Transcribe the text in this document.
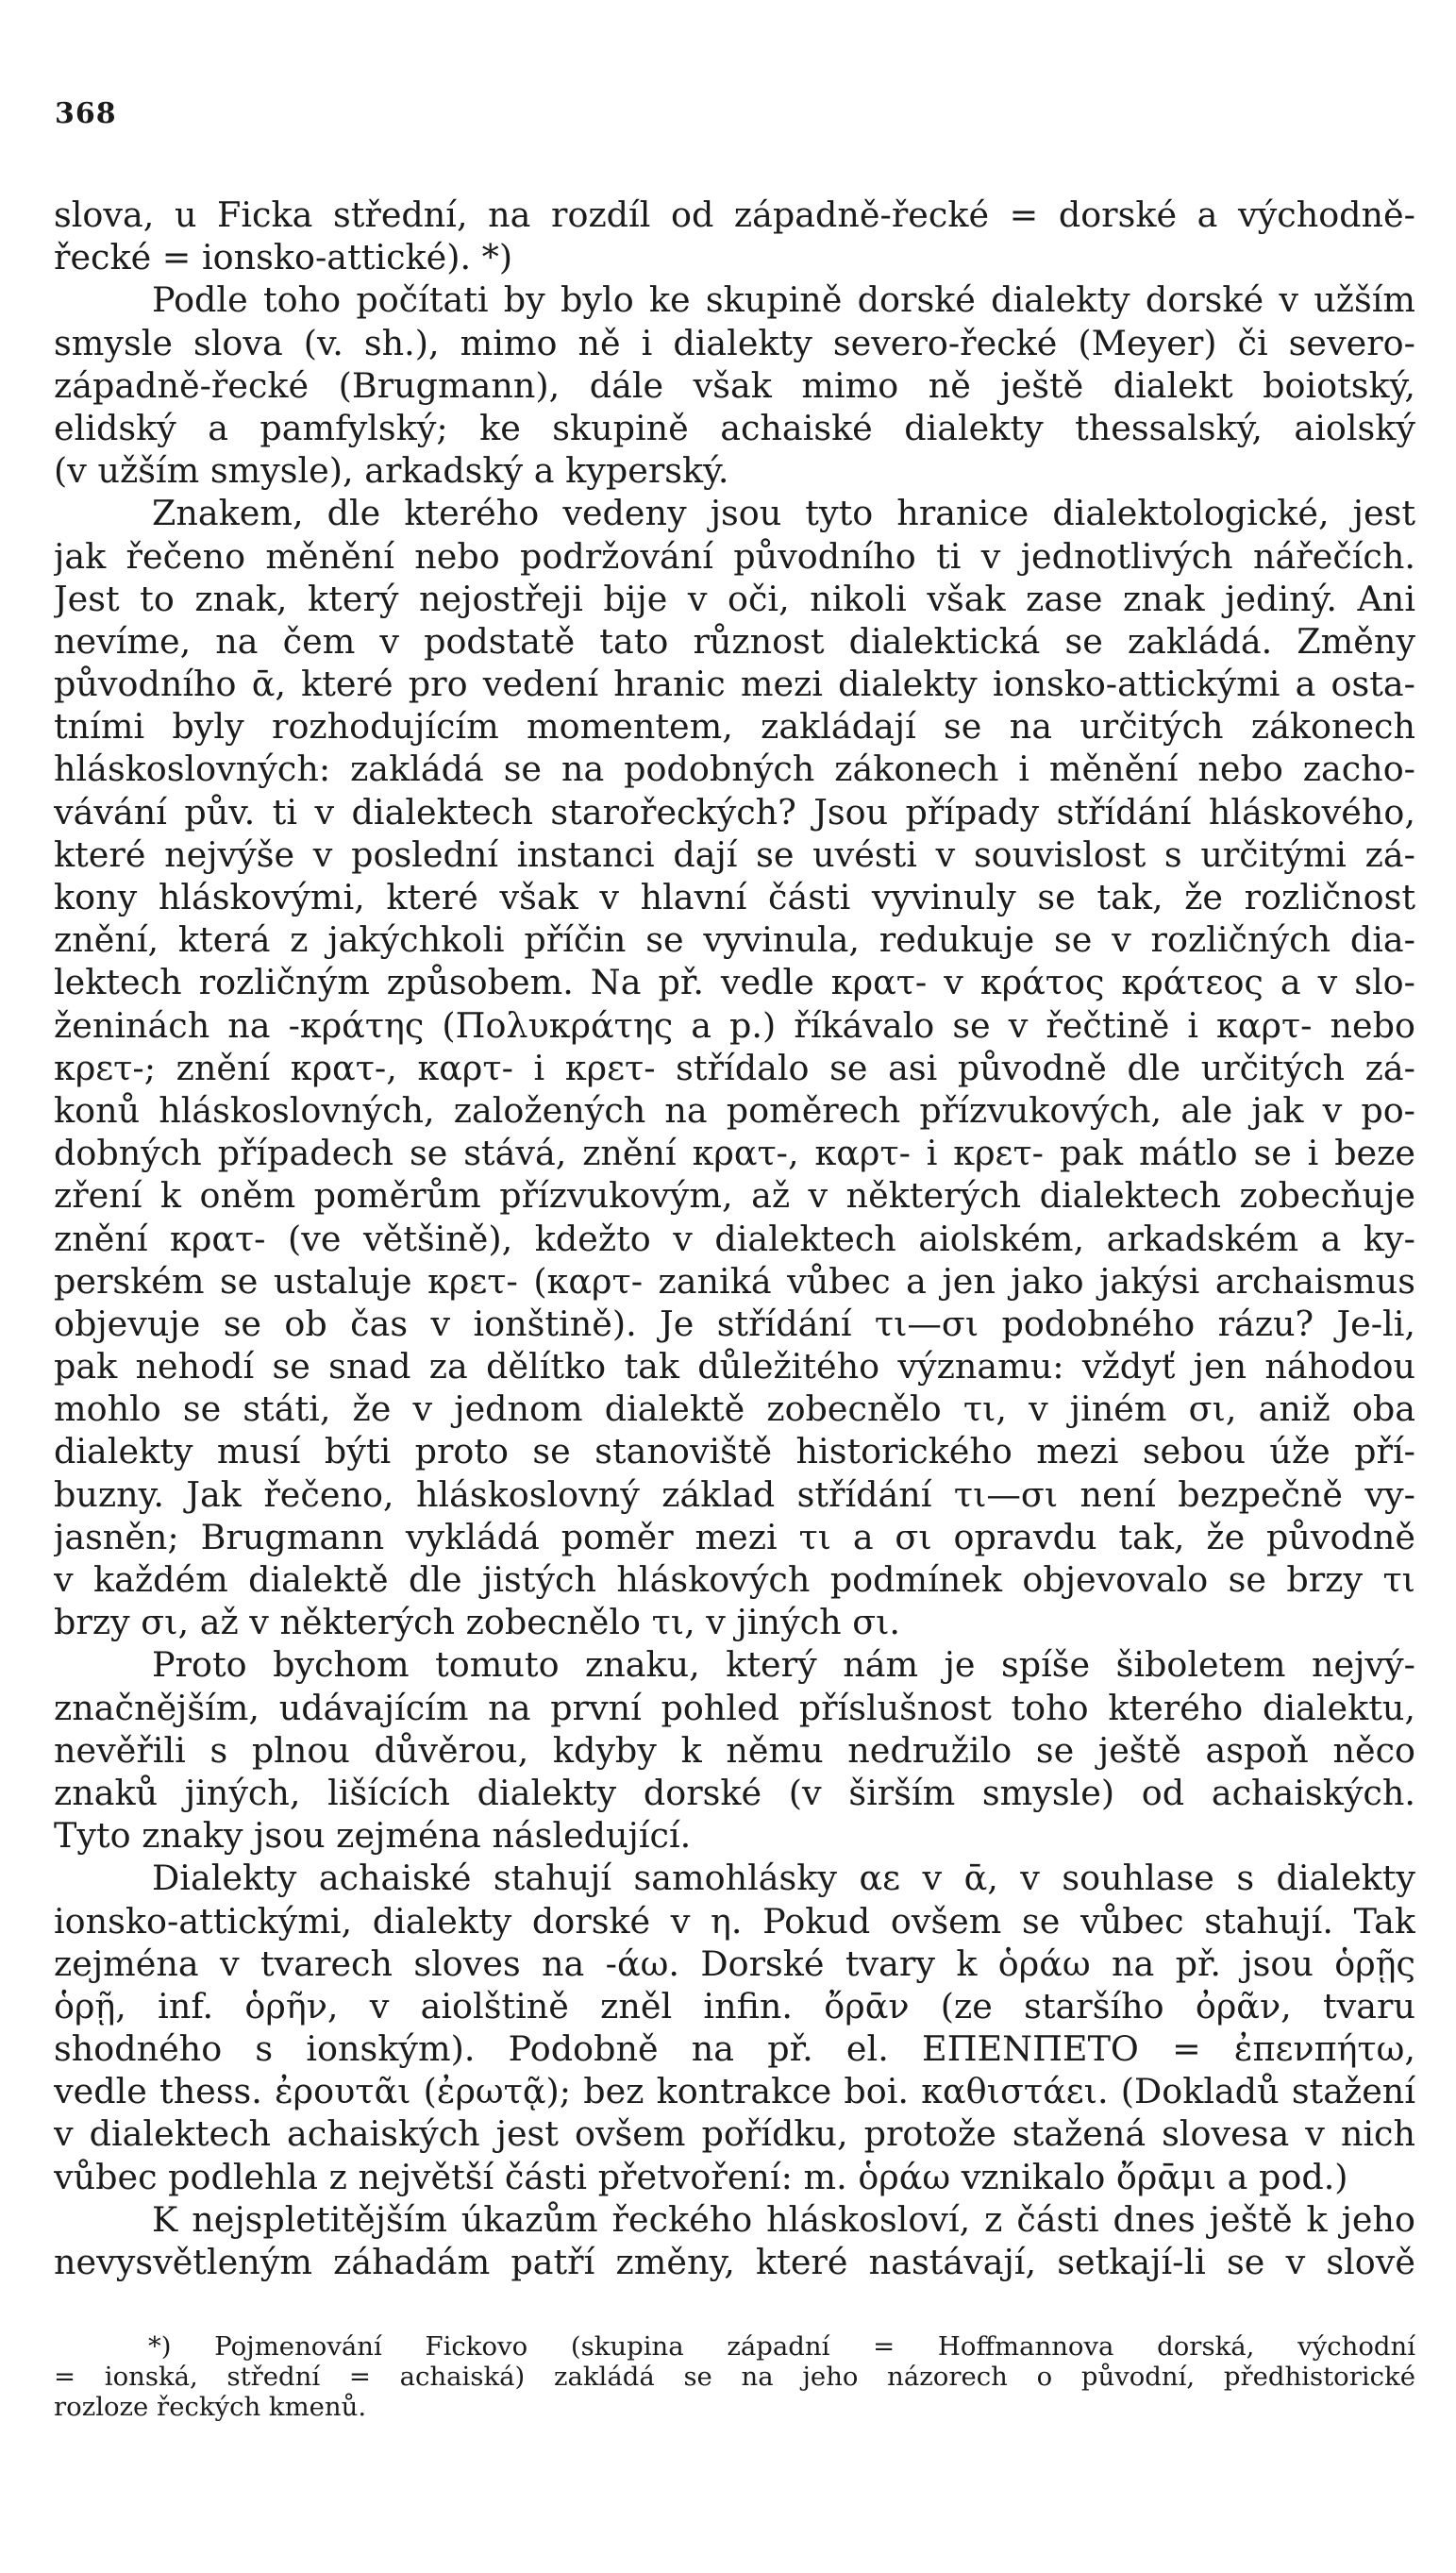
368
slova, u Ficka střední, na rozdíl od západně-řecké = dorské a východně-
řecké = ionsko-attické). *)
Podle toho počítati by bylo ke skupině dorské dialekty dorské v užším
smysle slova (v. sh.), mimo ně i dialekty severo-řecké (Meyer) či severo-
západně-řecké (Brugmann), dále však mimo ně ještě dialekt boiotský,
elidský a pamfylský; ke skupině achaiské dialekty thessalský, aiolský
(v užším smysle), arkadský a kyperský.
Znakem, dle kterého vedeny jsou tyto hranice dialektologické, jest
jak řečeno měnění nebo podržování původního ti v jednotlivých nářečích.
Jest to znak, který nejostřeji bije v oči, nikoli však zase znak jediný. Ani
nevíme, na čem v podstatě tato různost dialektická se zakládá. Změny
původního ᾱ, které pro vedení hranic mezi dialekty ionsko-attickými a osta-
tními byly rozhodujícím momentem, zakládají se na určitých zákonech
hláskoslovných: zakládá se na podobných zákonech i měnění nebo zacho-
vávání pův. ti v dialektech starořeckých? Jsou případy střídání hláskového,
které nejvýše v poslední instanci dají se uvésti v souvislost s určitými zá-
kony hláskovými, které však v hlavní části vyvinuly se tak, že rozličnost
znění, která z jakýchkoli příčin se vyvinula, redukuje se v rozličných dia-
lektech rozličným způsobem. Na př. vedle κρατ- v κράτος κράτεος a v slo-
ženinách na -κράτης (Πολυκράτης a p.) říkávalo se v řečtině i καρτ- nebo
κρετ-; znění κρατ-, καρτ- i κρετ- střídalo se asi původně dle určitých zá-
konů hláskoslovných, založených na poměrech přízvukových, ale jak v po-
dobných případech se stává, znění κρατ-, καρτ- i κρετ- pak mátlo se i beze
zření k oněm poměrům přízvukovým, až v některých dialektech zobecňuje
znění κρατ- (ve většině), kdežto v dialektech aiolském, arkadském a ky-
perském se ustaluje κρετ- (καρτ- zaniká vůbec a jen jako jakýsi archaismus
objevuje se ob čas v ionštině). Je střídání τι—σι podobného rázu? Je-li,
pak nehodí se snad za dělítko tak důležitého významu: vždyť jen náhodou
mohlo se státi, že v jednom dialektě zobecnělo τι, v jiném σι, aniž oba
dialekty musí býti proto se stanoviště historického mezi sebou úže pří-
buzny. Jak řečeno, hláskoslovný základ střídání τι—σι není bezpečně vy-
jasněn; Brugmann vykládá poměr mezi τι a σι opravdu tak, že původně
v každém dialektě dle jistých hláskových podmínek objevovalo se brzy τι
brzy σι, až v některých zobecnělo τι, v jiných σι.
Proto bychom tomuto znaku, který nám je spíše šiboletem nejvý-
značnějším, udávajícím na první pohled příslušnost toho kterého dialektu,
nevěřili s plnou důvěrou, kdyby k němu nedružilo se ještě aspoň něco
znaků jiných, lišících dialekty dorské (v širším smysle) od achaiských.
Tyto znaky jsou zejména následující.
Dialekty achaiské stahují samohlásky αε v ᾱ, v souhlase s dialekty
ionsko-attickými, dialekty dorské v η. Pokud ovšem se vůbec stahují. Tak
zejména v tvarech sloves na -άω. Dorské tvary k ὁράω na př. jsou ὁρῇς
ὁρῇ, inf. ὁρῆν, v aiolštině zněl infin. ὄρᾱν (ze staršího ὀρᾶν, tvaru
shodného s ionským). Podobně na př. el. ΕΠΕΝΠΕΤΟ = ἐπενπήτω,
vedle thess. ἐρουτᾶι (ἐρωτᾷ); bez kontrakce boi. καθιστάει. (Dokladů stažení
v dialektech achaiských jest ovšem pořídku, protože stažená slovesa v nich
vůbec podlehla z největší části přetvoření: m. ὁράω vznikalo ὄρᾱμι a pod.)
K nejspletitějším úkazům řeckého hláskosloví, z části dnes ještě k jeho
nevysvětleným záhadám patří změny, které nastávají, setkají-li se v slově
*) Pojmenování Fickovo (skupina západní = Hoffmannova dorská, východní
= ionská, střední = achaiská) zakládá se na jeho názorech o původní, předhistorické
rozloze řeckých kmenů.
